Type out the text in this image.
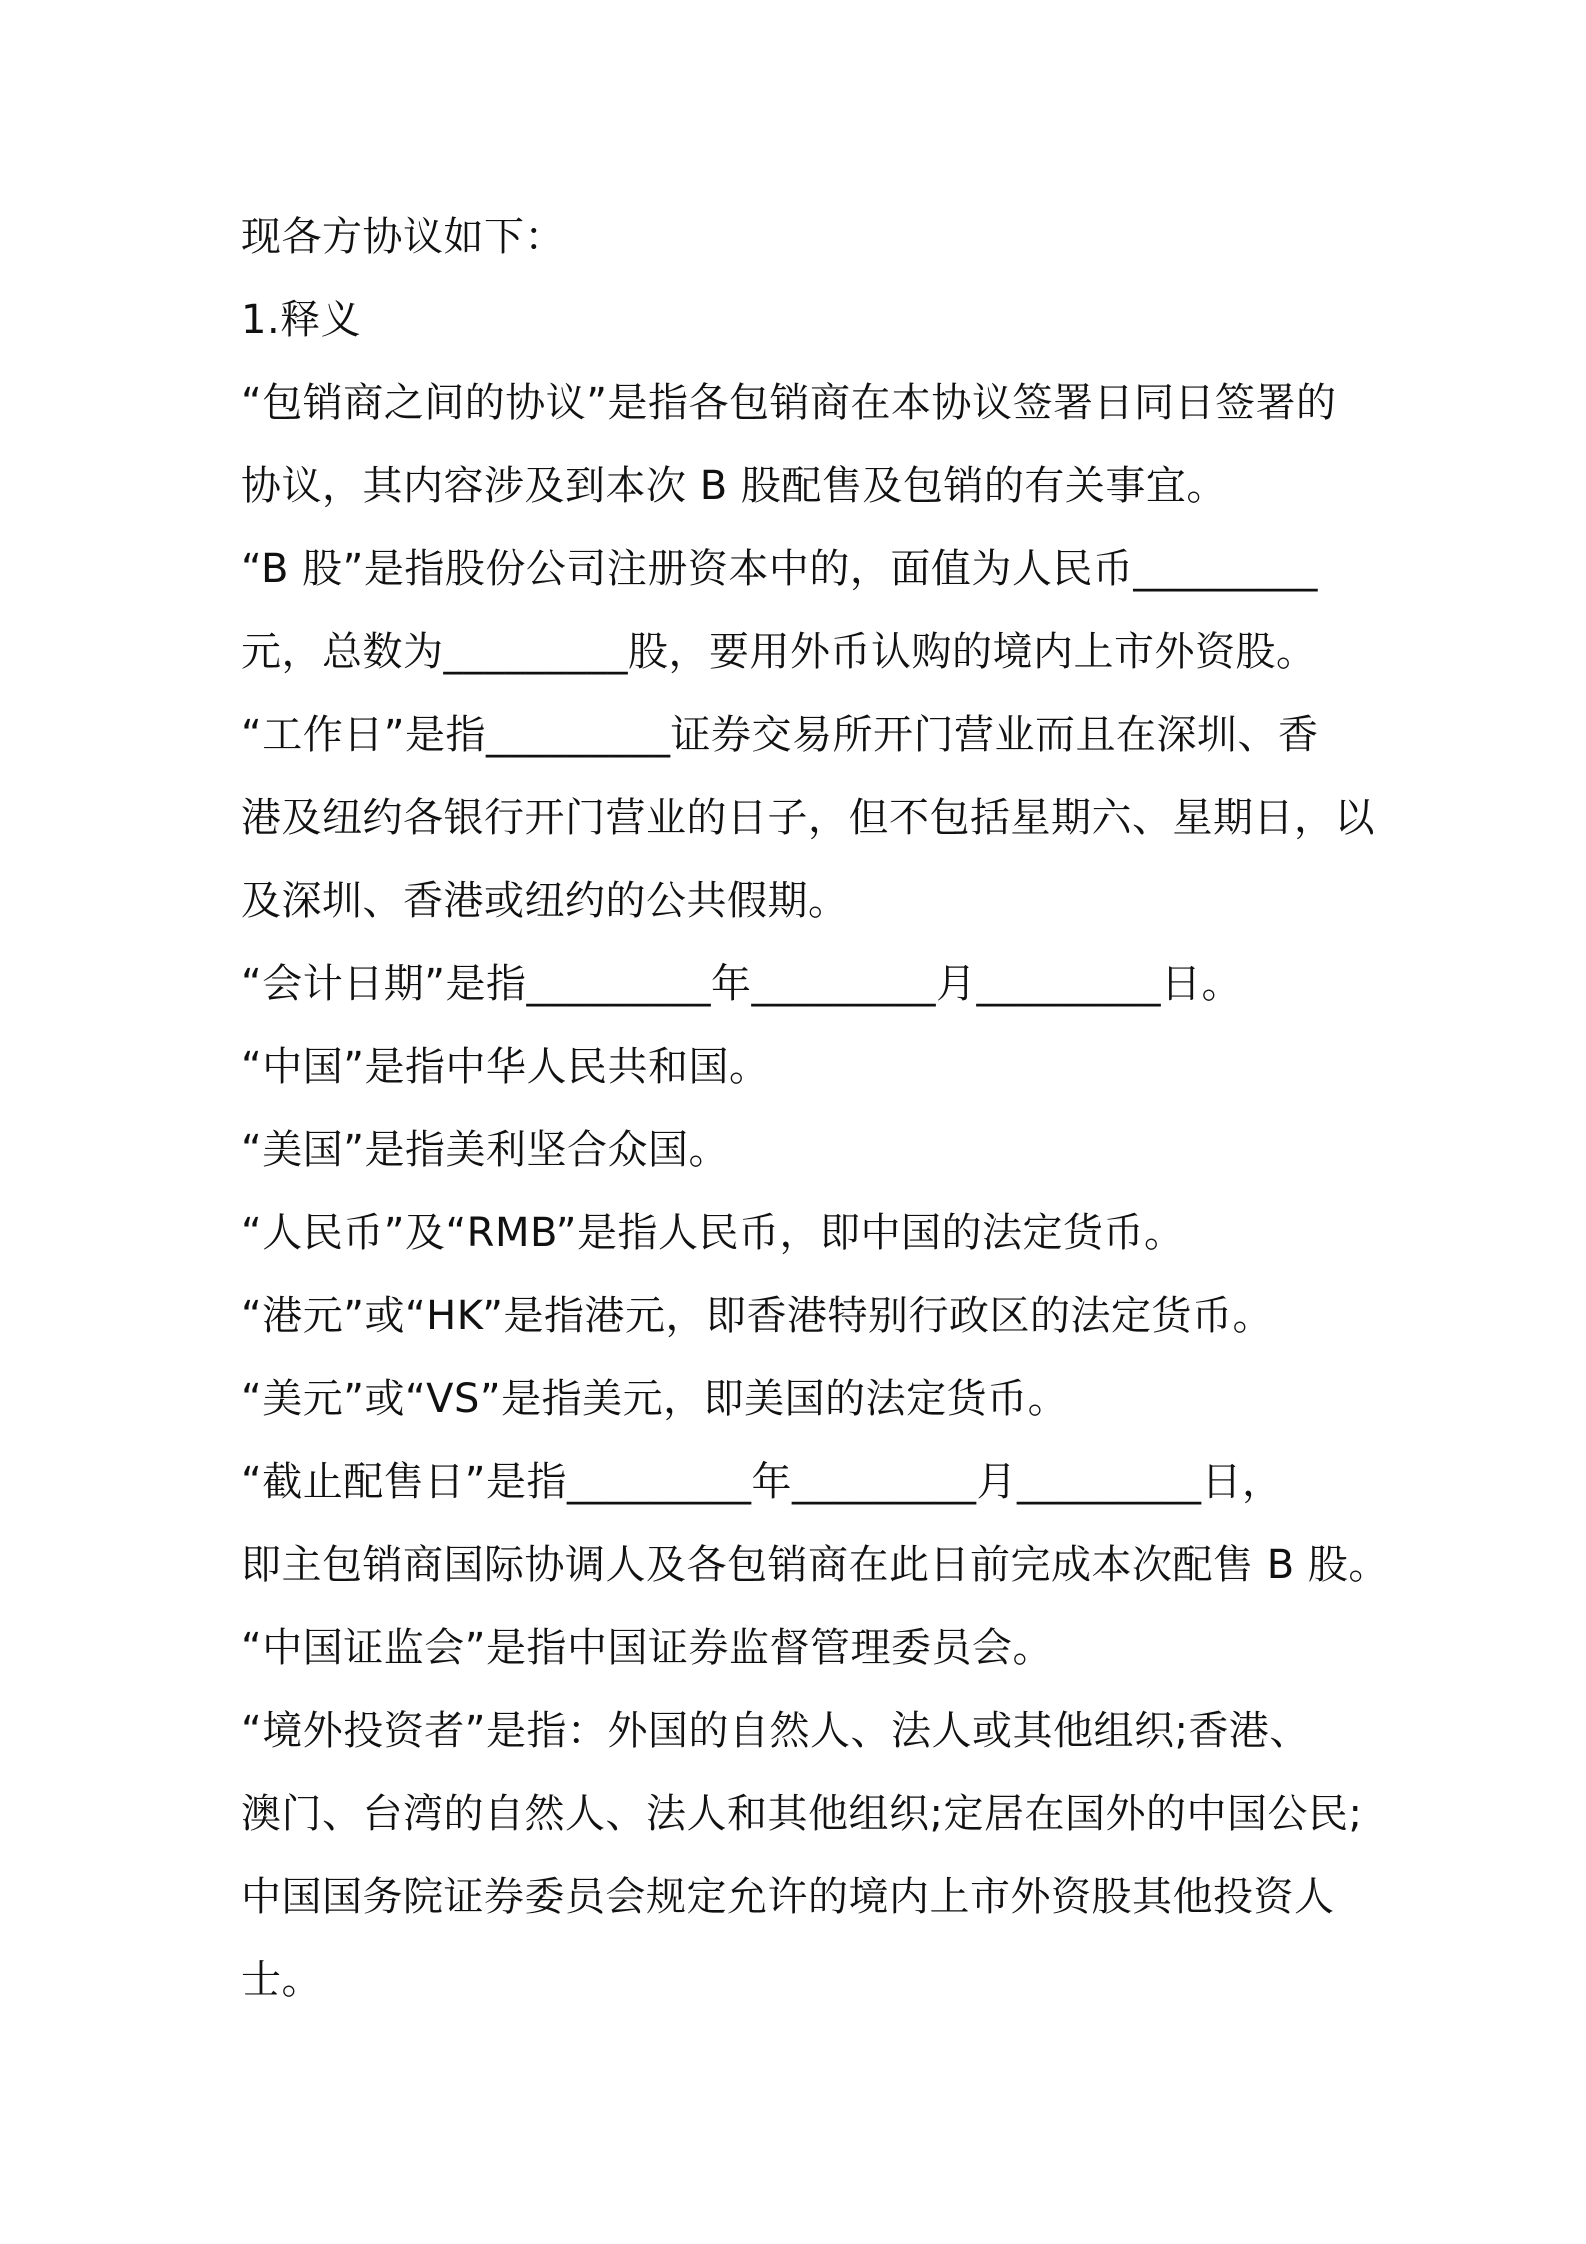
现各方协议如下：
1.释义
“包销商之间的协议”是指各包销商在本协议签署日同日签署的
协议，其内容涉及到本次 B 股配售及包销的有关事宜。
“B 股”是指股份公司注册资本中的，面值为人民币_________
元，总数为_________股，要用外币认购的境内上市外资股。
“工作日”是指_________证券交易所开门营业而且在深圳、香
港及纽约各银行开门营业的日子，但不包括星期六、星期日，以
及深圳、香港或纽约的公共假期。
“会计日期”是指_________年_________月_________日。
“中国”是指中华人民共和国。
“美国”是指美利坚合众国。
“人民币”及“RMB”是指人民币，即中国的法定货币。
“港元”或“HK”是指港元，即香港特别行政区的法定货币。
“美元”或“VS”是指美元，即美国的法定货币。
“截止配售日”是指_________年_________月_________日，
即主包销商国际协调人及各包销商在此日前完成本次配售 B 股。
“中国证监会”是指中国证券监督管理委员会。
“境外投资者”是指：外国的自然人、法人或其他组织;香港、
澳门、台湾的自然人、法人和其他组织;定居在国外的中国公民;
中国国务院证券委员会规定允许的境内上市外资股其他投资人
士。
